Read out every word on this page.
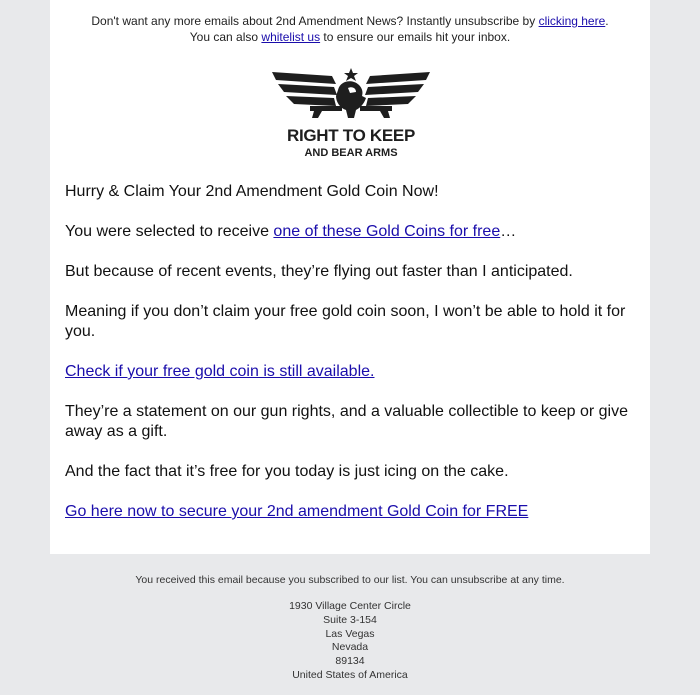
Don't want any more emails about 2nd Amendment News? Instantly unsubscribe by clicking here.
You can also whitelist us to ensure our emails hit your inbox.
RIGHT TO KEEP
AND BEAR ARMS

Hurry & Claim Your 2nd Amendment Gold Coin Now!

You were selected to receive one of these Gold Coins for free…

But because of recent events, they’re flying out faster than I anticipated.

Meaning if you don’t claim your free gold coin soon, I won’t be able to hold it for you.

Check if your free gold coin is still available.

They’re a statement on our gun rights, and a valuable collectible to keep or give away as a gift.

And the fact that it’s free for you today is just icing on the cake.

Go here now to secure your 2nd amendment Gold Coin for FREE

You received this email because you subscribed to our list. You can unsubscribe at any time.
1930 Village Center Circle
Suite 3-154
Las Vegas
Nevada
89134
United States of America
